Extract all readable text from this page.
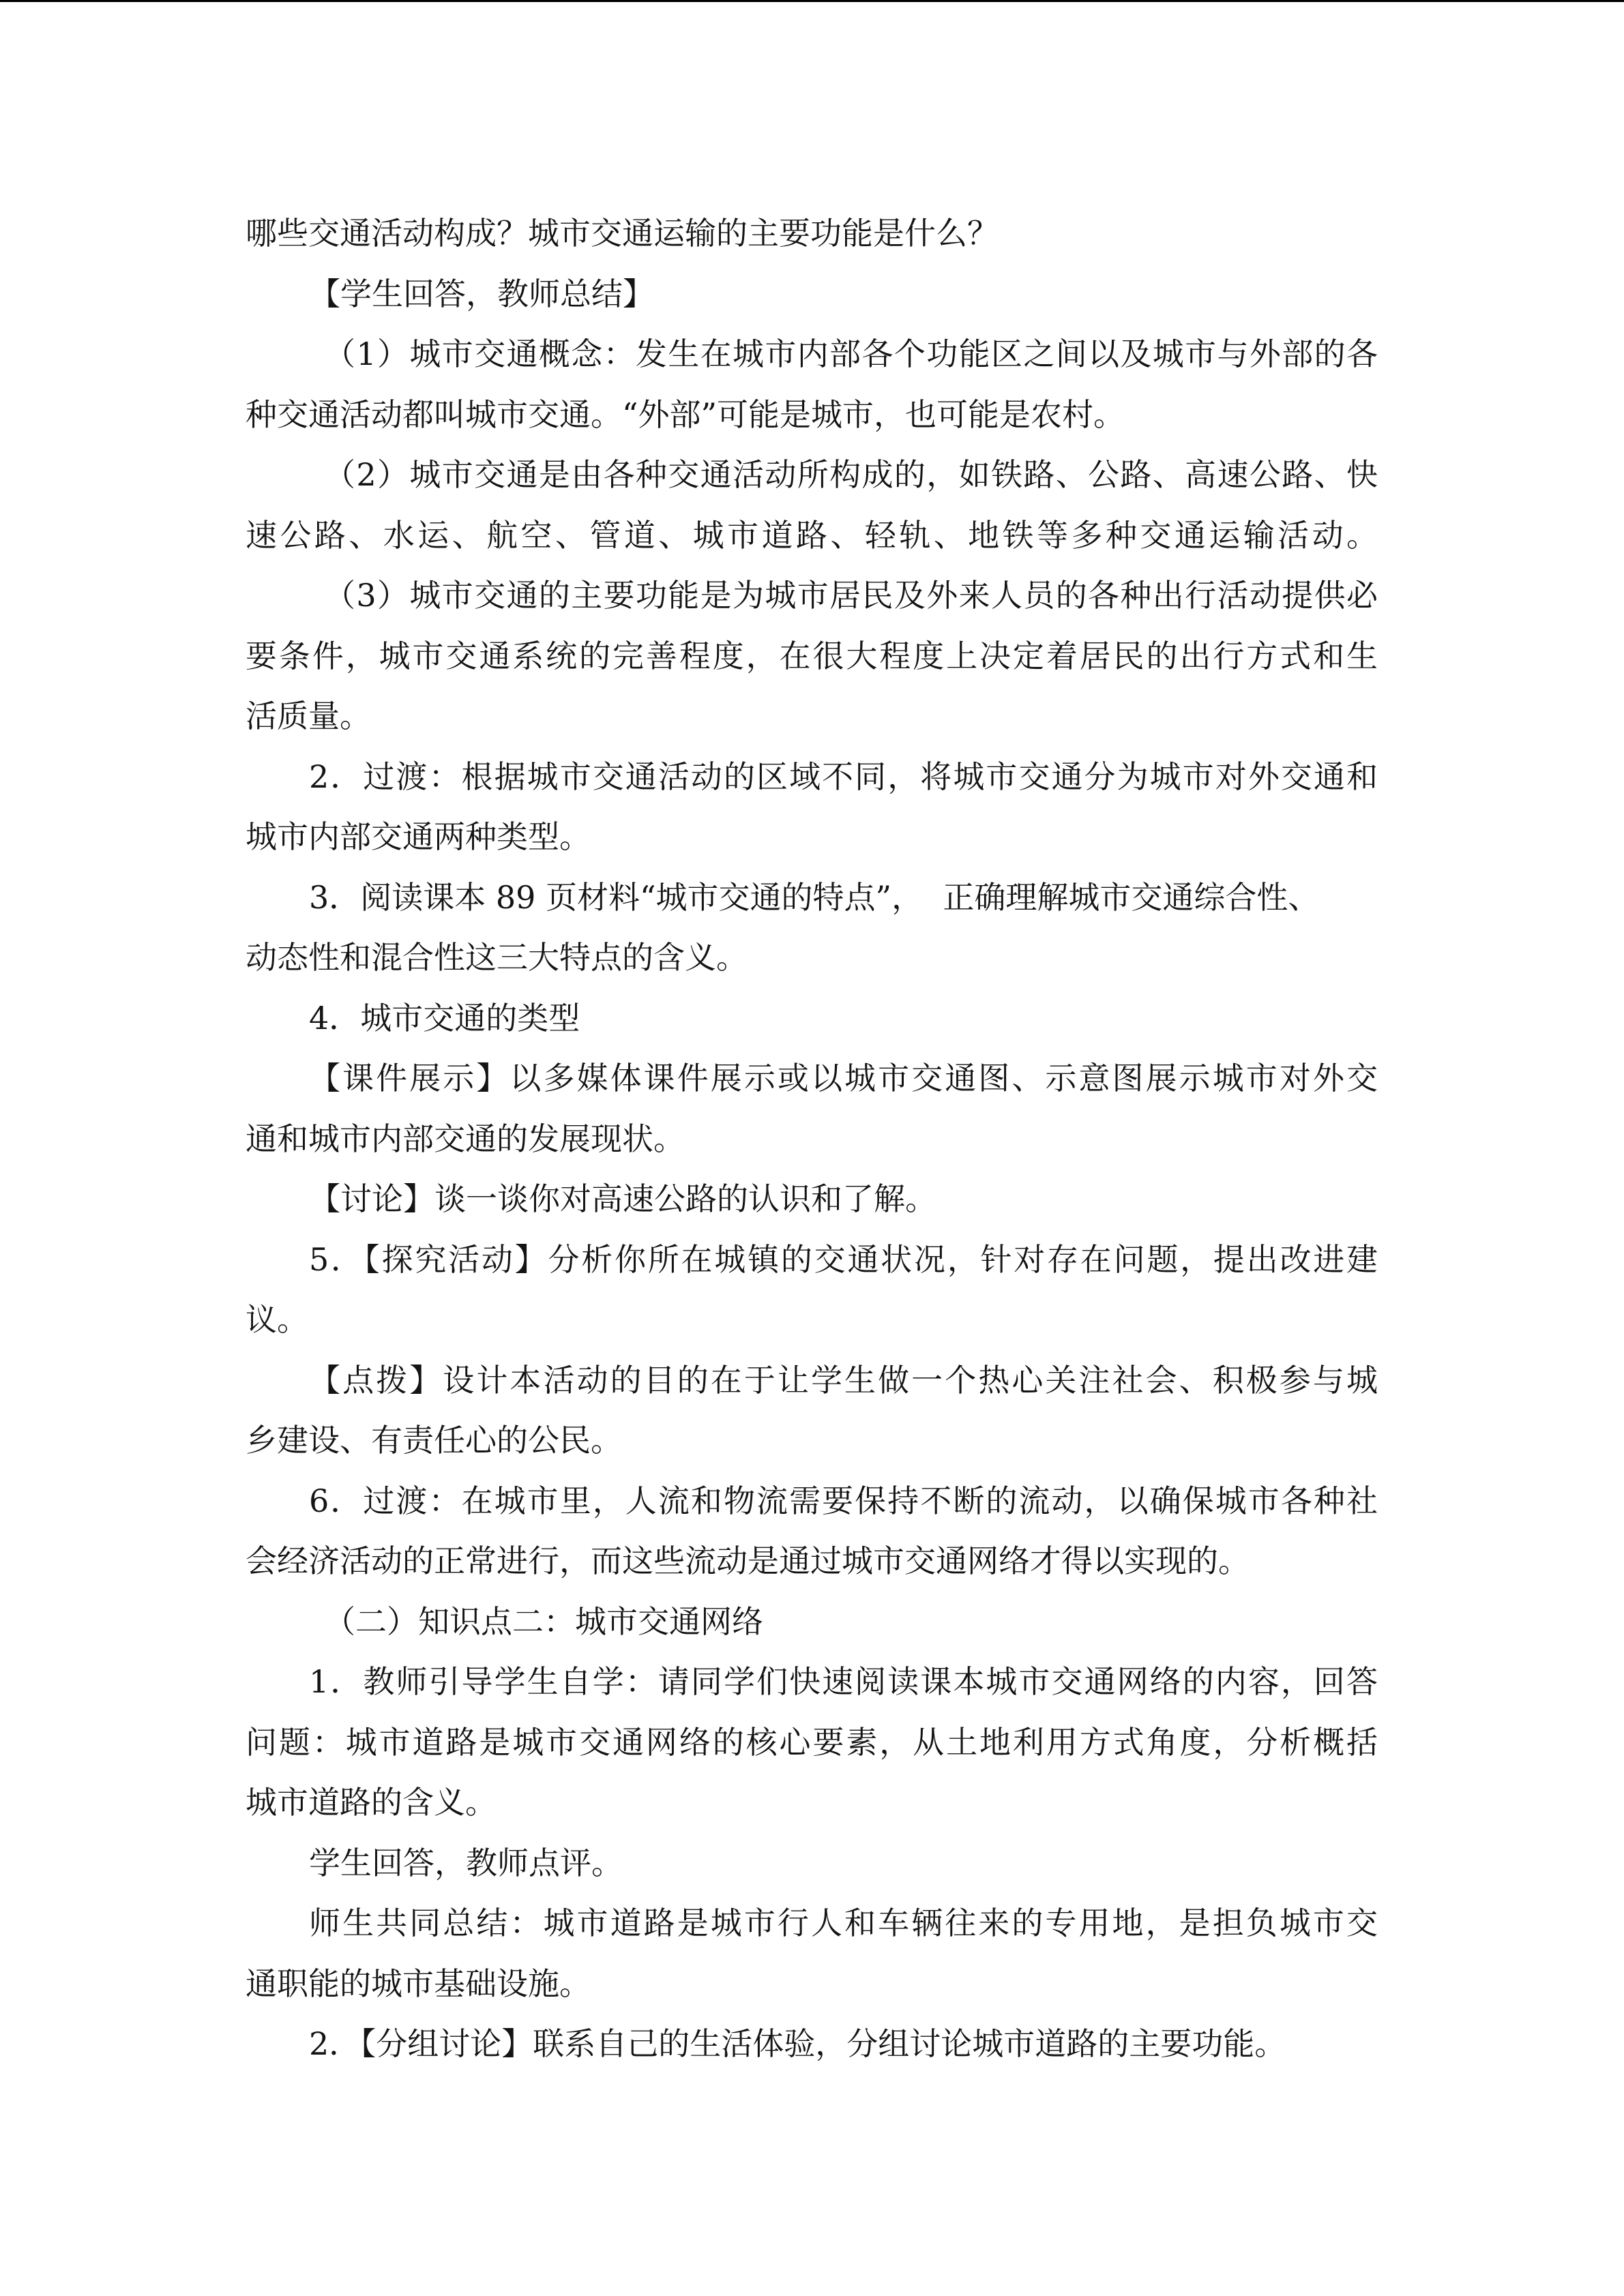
哪些交通活动构成？城市交通运输的主要功能是什么？
【学生回答，教师总结】
（1）城市交通概念：发生在城市内部各个功能区之间以及城市与外部的各
种交通活动都叫城市交通。“外部”可能是城市，也可能是农村。
（2）城市交通是由各种交通活动所构成的，如铁路、公路、高速公路、快
速公路、水运、航空、管道、城市道路、轻轨、地铁等多种交通运输活动。
（3）城市交通的主要功能是为城市居民及外来人员的各种出行活动提供必
要条件，城市交通系统的完善程度，在很大程度上决定着居民的出行方式和生
活质量。
2．过渡：根据城市交通活动的区域不同，将城市交通分为城市对外交通和
城市内部交通两种类型。
3．阅读课本 89 页材料“城市交通的特点”，  正确理解城市交通综合性、
动态性和混合性这三大特点的含义。
4．城市交通的类型
【课件展示】以多媒体课件展示或以城市交通图、示意图展示城市对外交
通和城市内部交通的发展现状。
【讨论】谈一谈你对高速公路的认识和了解。
5．【探究活动】分析你所在城镇的交通状况，针对存在问题，提出改进建
议。
【点拨】设计本活动的目的在于让学生做一个热心关注社会、积极参与城
乡建设、有责任心的公民。
6．过渡：在城市里，人流和物流需要保持不断的流动，以确保城市各种社
会经济活动的正常进行，而这些流动是通过城市交通网络才得以实现的。
（二）知识点二：城市交通网络
1．教师引导学生自学：请同学们快速阅读课本城市交通网络的内容，回答
问题：城市道路是城市交通网络的核心要素，从土地利用方式角度，分析概括
城市道路的含义。
学生回答，教师点评。
师生共同总结：城市道路是城市行人和车辆往来的专用地，是担负城市交
通职能的城市基础设施。
2．【分组讨论】联系自己的生活体验，分组讨论城市道路的主要功能。
